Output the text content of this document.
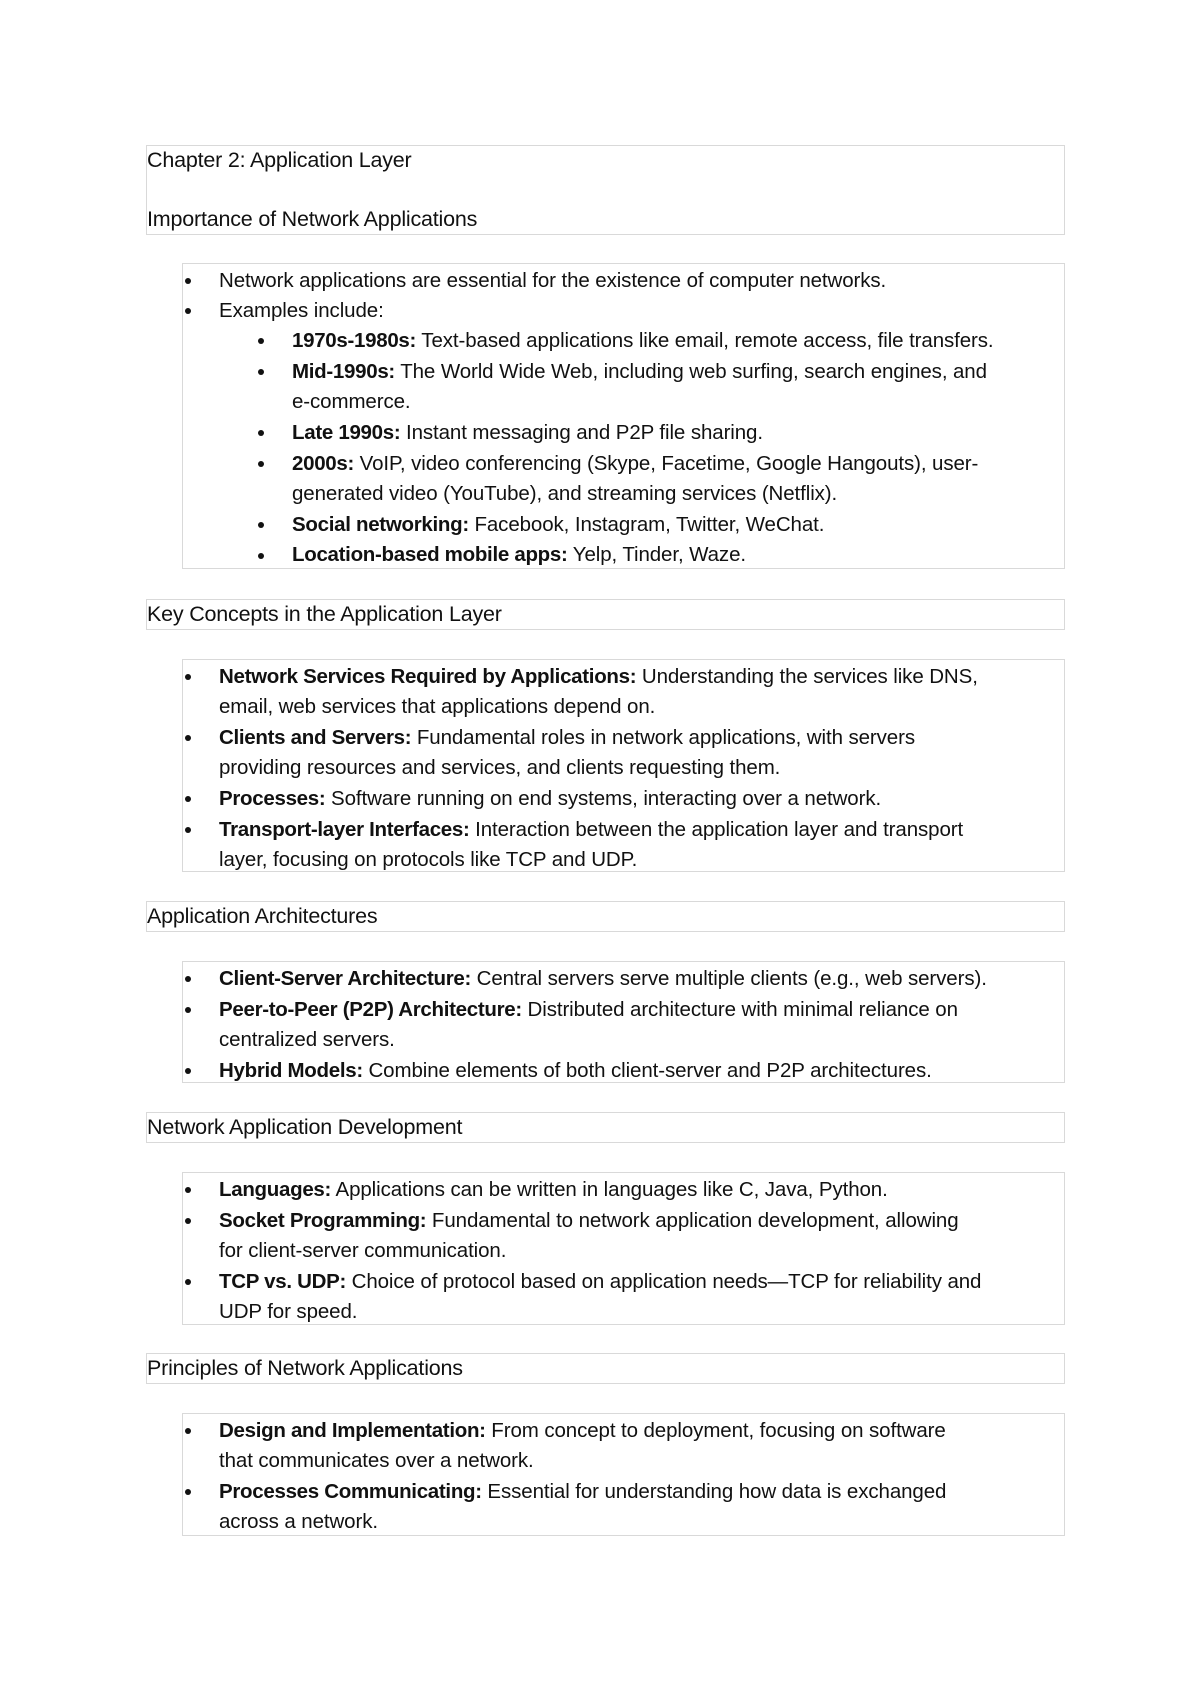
Chapter 2: Application Layer
Importance of Network Applications
Network applications are essential for the existence of computer networks.
Examples include:
1970s-1980s: Text-based applications like email, remote access, file transfers.
Mid-1990s: The World Wide Web, including web surfing, search engines, and
e-commerce.
Late 1990s: Instant messaging and P2P file sharing.
2000s: VoIP, video conferencing (Skype, Facetime, Google Hangouts), user-
generated video (YouTube), and streaming services (Netflix).
Social networking: Facebook, Instagram, Twitter, WeChat.
Location-based mobile apps: Yelp, Tinder, Waze.
Key Concepts in the Application Layer
Network Services Required by Applications: Understanding the services like DNS,
email, web services that applications depend on.
Clients and Servers: Fundamental roles in network applications, with servers
providing resources and services, and clients requesting them.
Processes: Software running on end systems, interacting over a network.
Transport-layer Interfaces: Interaction between the application layer and transport
layer, focusing on protocols like TCP and UDP.
Application Architectures
Client-Server Architecture: Central servers serve multiple clients (e.g., web servers).
Peer-to-Peer (P2P) Architecture: Distributed architecture with minimal reliance on
centralized servers.
Hybrid Models: Combine elements of both client-server and P2P architectures.
Network Application Development
Languages: Applications can be written in languages like C, Java, Python.
Socket Programming: Fundamental to network application development, allowing
for client-server communication.
TCP vs. UDP: Choice of protocol based on application needs—TCP for reliability and
UDP for speed.
Principles of Network Applications
Design and Implementation: From concept to deployment, focusing on software
that communicates over a network.
Processes Communicating: Essential for understanding how data is exchanged
across a network.
